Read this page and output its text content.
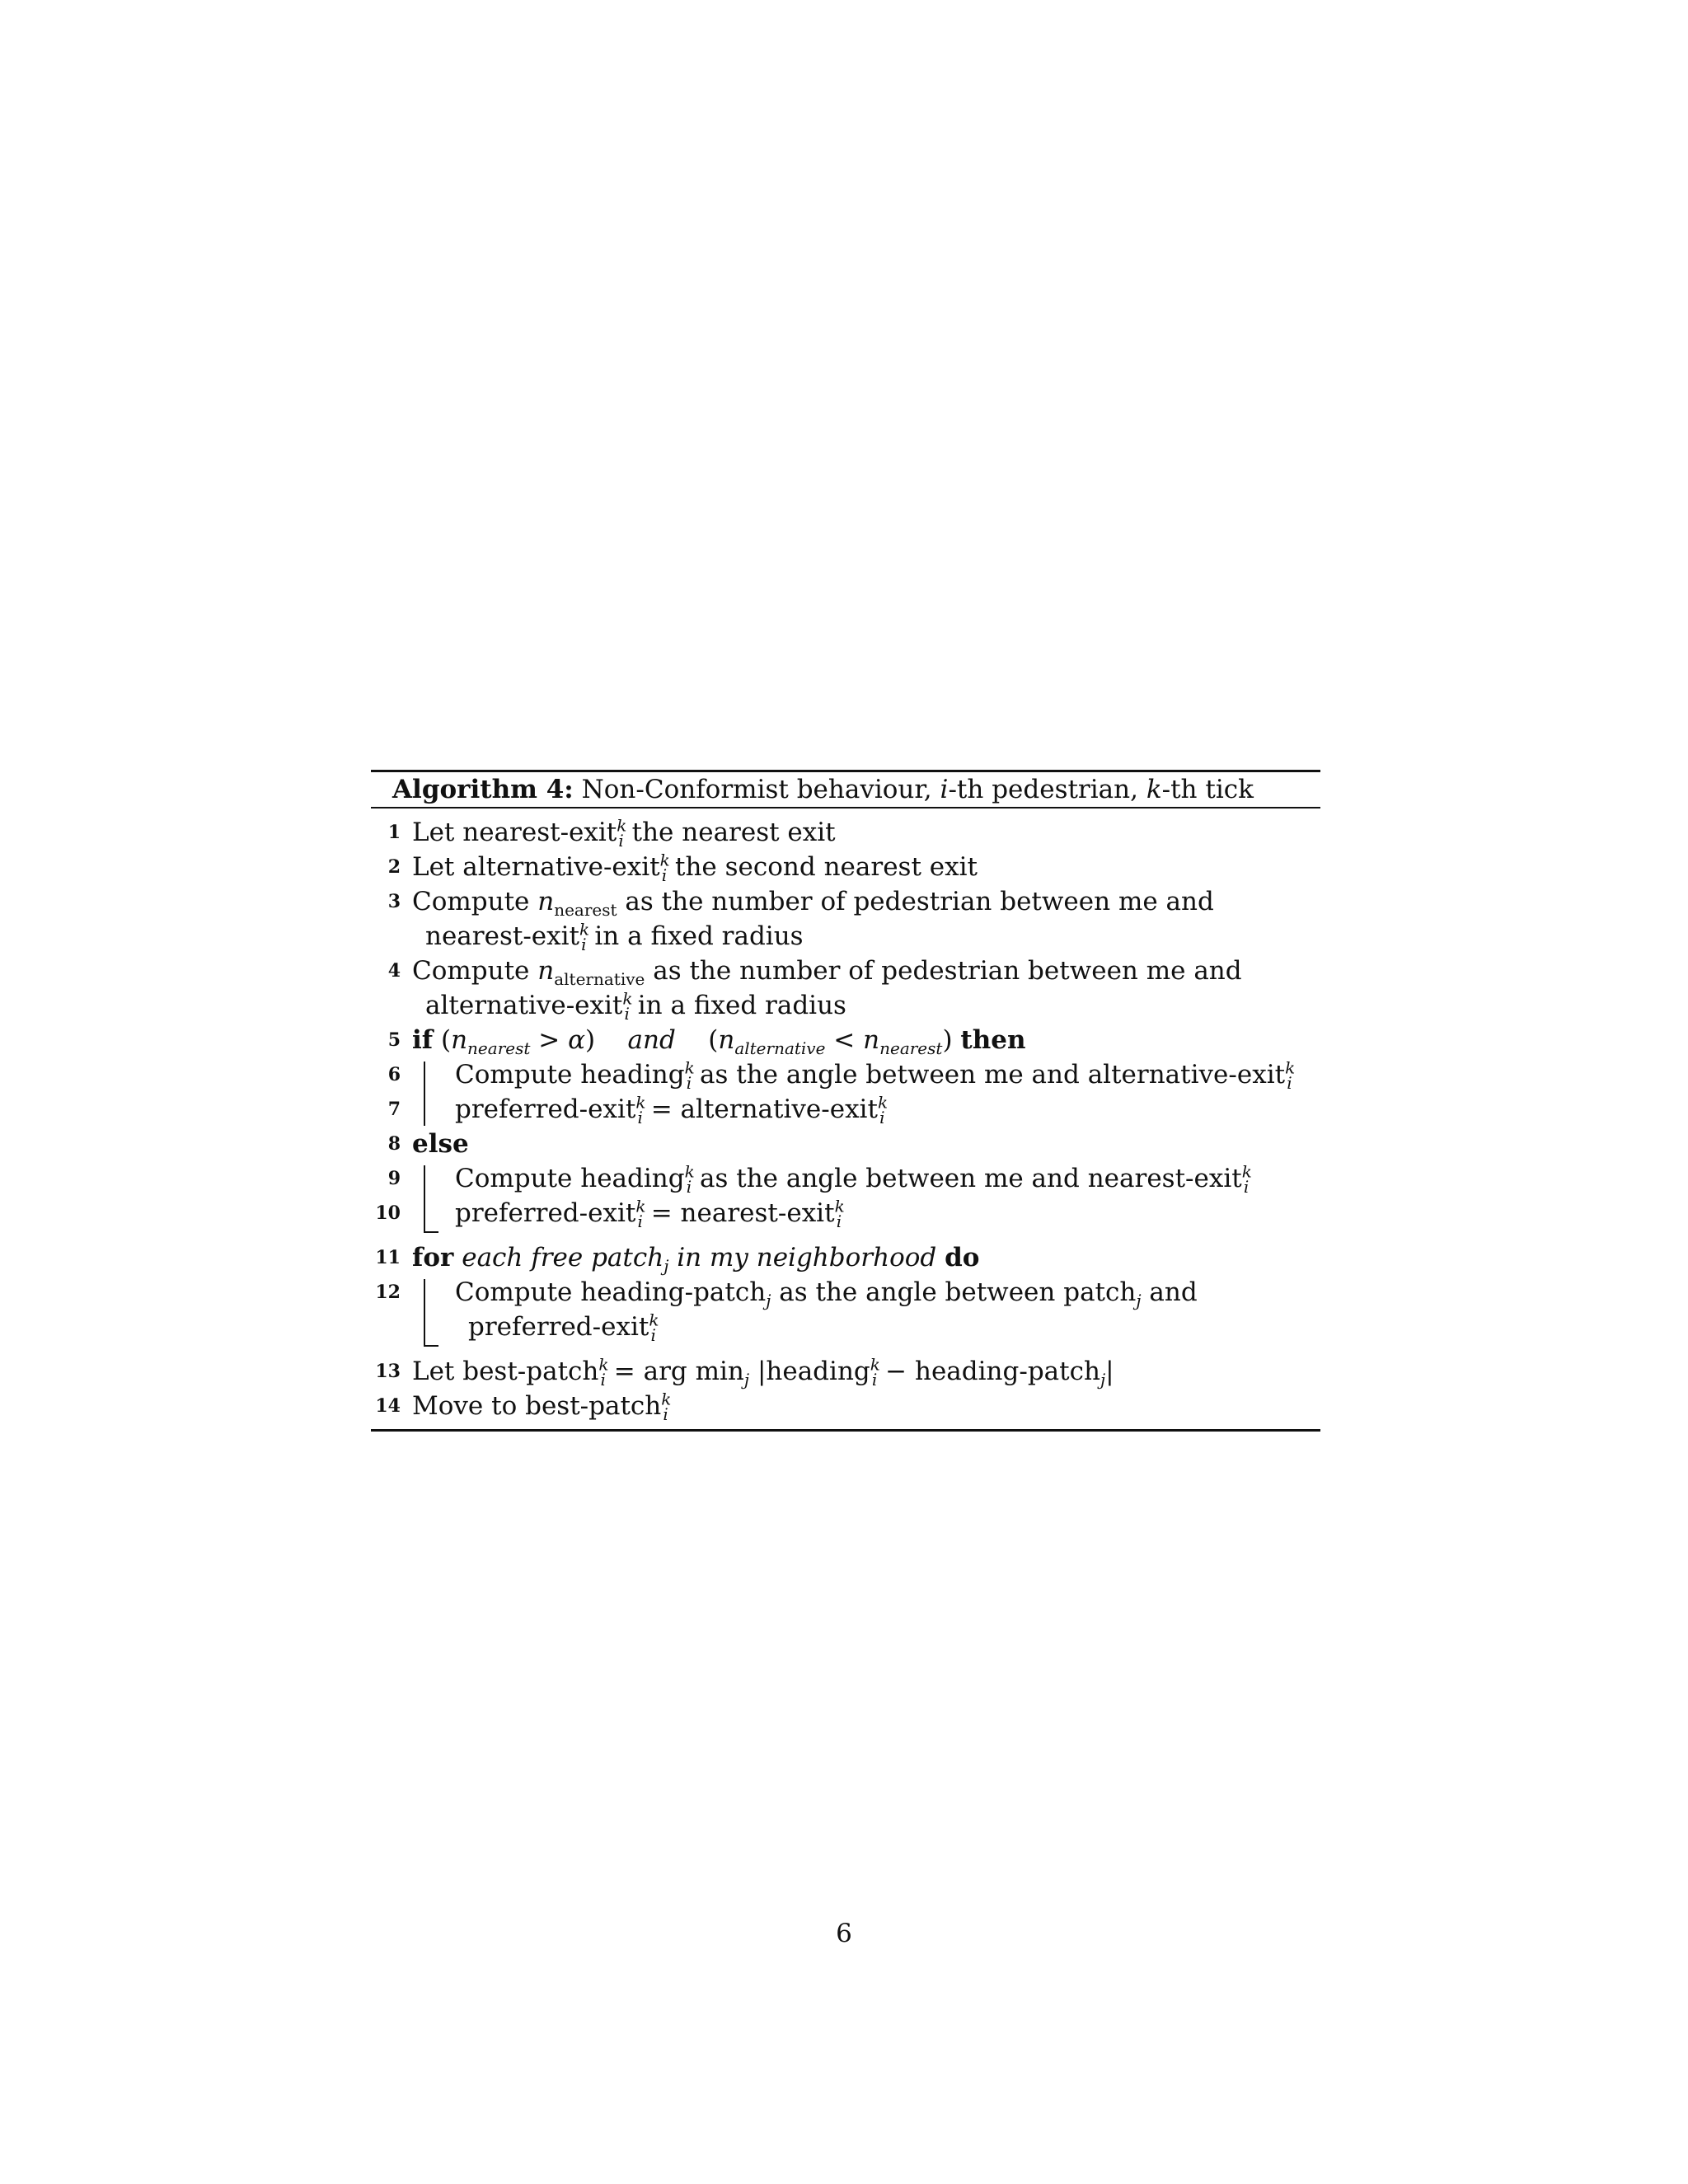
Algorithm 4: Non-Conformist behaviour, i-th pedestrian, k-th tick
1 Let nearest-exit$^k_i$ the nearest exit
2 Let alternative-exit$^k_i$ the second nearest exit
3 Compute $n_{nearest}$ as the number of pedestrian between me and
nearest-exit$^k_i$ in a fixed radius
4 Compute $n_{alternative}$ as the number of pedestrian between me and
alternative-exit$^k_i$ in a fixed radius
5 if $(n_{nearest} > \alpha)$    and    $(n_{alternative} < n_{nearest})$ then
6 Compute heading$^k_i$ as the angle between me and alternative-exit$^k_i$
7 preferred-exit$^k_i$ = alternative-exit$^k_i$
8 else
9 Compute heading$^k_i$ as the angle between me and nearest-exit$^k_i$
10 preferred-exit$^k_i$ = nearest-exit$^k_i$
11 for each free patch$_j$ in my neighborhood do
12 Compute heading-patch$_j$ as the angle between patch$_j$ and
preferred-exit$^k_i$
13 Let best-patch$^k_i$ = arg $\min_j$ |heading$^k_i$ − heading-patch$_j$|
14 Move to best-patch$^k_i$
6
